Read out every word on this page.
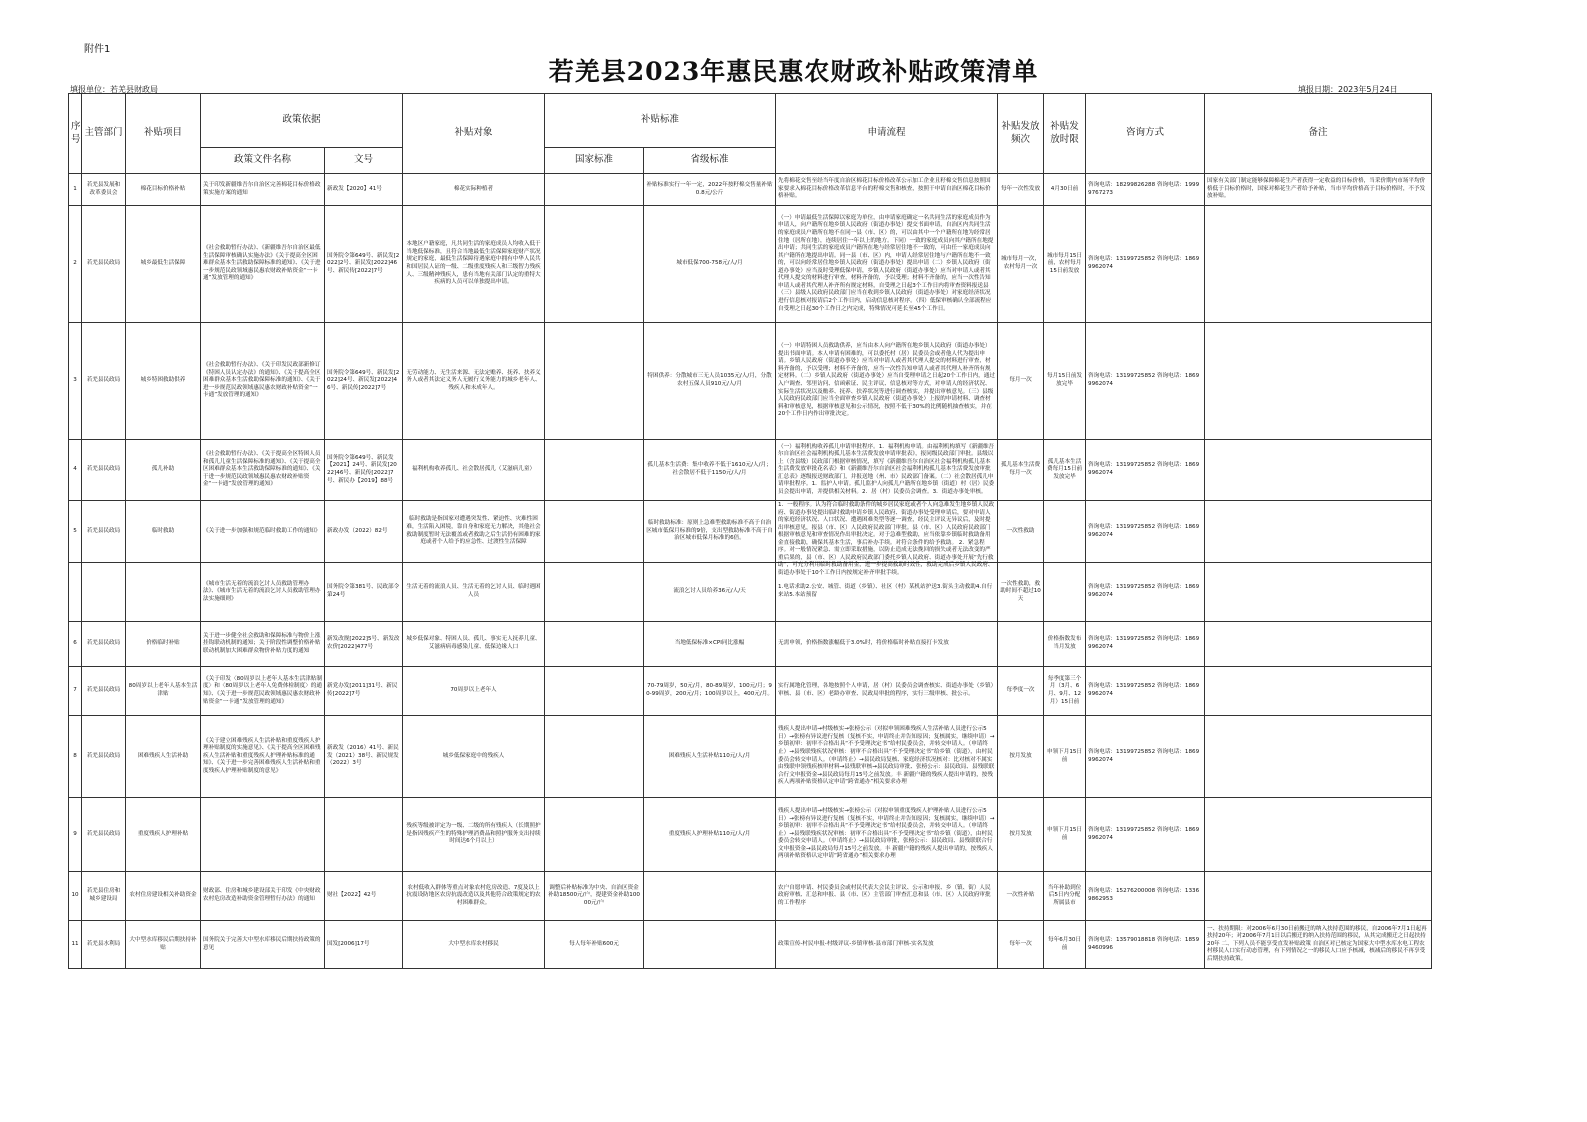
附件1
若羌县2023年惠民惠农财政补贴政策清单
填报单位：若羌县财政局	填报日期：2023年5月24日
序号	主管部门	补贴项目	政策依据		补贴对象	补贴标准		申请流程	补贴发放频次	补贴发放时限	咨询方式	备注
			政策文件名称	文号		国家标准	省级标准					

1	若羌县发展和改革委员会	棉花目标价格补贴	关于印发新疆维吾尔自治区完善棉花目标价格政策实施方案的通知	新政发【2020】41号	棉花实际种植者		补贴标准实行一年一定，2022年按籽棉交售量补贴0.8元/公斤	先将棉花交售至经当年度自治区棉花目标价格改革公示加工企业且籽棉交售信息按照国家要求入棉花目标价格改革信息平台的籽棉交售和核查，按照干申请自治区棉花目标价格补贴。	每年一次性发放	4月30日前	咨询电话：18299826288 咨询电话：19999767273	国家有关部门制定能够保障棉花生产者获得一定收益的目标价格，当采价期内市场平均价格低于目标价格时，国家对棉花生产者给予补贴，当市平均价格高于目标价格时，不予发放补贴。

2	若羌县民政局	城乡最低生活保障	《社会救助暂行办法》、《新疆维吾尔自治区最低生活保障审核确认实施办法》《关于提高全区困难群众基本生活救助保障标准的通知》、《关于进一步规范民政领域惠民惠农财政补贴资金“一卡通”发放管理的通知》	国务院令第649号、新民发[2022]2号、新民发[2022]46号、新民传[2022]7号	本地区户籍家庭，凡共同生活的家庭成员人均收入低于当地低保标准，且符合当地最低生活保障家庭财产状况规定的家庭，最低生活保障待遇家庭中拥有中华人民共和国居民人证的一级、二级重度残疾人和三级智力残疾人、三级精神残疾人，患有当地有关部门认定的重特大疾病的人员可以单独提出申请。		城市低保700-758元/人/月	（一）申请最低生活保障以家庭为单位，由申请家庭确定一名共同生活的家庭成员作为申请人，向户籍所在地乡镇人民政府（街道办事处）提交书面申请，自治区内共同生活的家庭成员户籍所在地不在同一县（市、区）的，可以由其中一个户籍所在地为经常居住地（居所在地），连续居住一年以上的地方。下同）一致的家庭成员向其户籍所在地提出申请；共同生活的家庭成员户籍所在地与经常居住地不一致的，可由任一家庭成员向其户籍所在地提出申请。同一县（市、区）内，申请人经常居住地与户籍所在地不一致的，可以向经常居住地乡镇人民政府（街道办事处）提出申请（二）乡镇人民政府（街道办事处）应当及时受理低保申请，乡镇人民政府（街道办事处）应当对申请人或者其代理人提交的材料进行审查，材料齐备的，予以受理；材料不齐备的，应当一次性告知申请人或者其代理人补齐所有规定材料，自受理之日起3个工作日内将审查资料报送县（三）县级人民政府民政部门应当在收到乡镇人民政府（街道办事处）对家庭经济状况进行信息核对报请后2个工作日内，启动信息核对程序。（四）低保审核确认全部流程应自受理之日起30个工作日之内完成，特殊情况可延长至45个工作日。	城市每月一次，农村每月一次	城市每月15日前，农村每月15日前发放	咨询电话：13199725852 咨询电话：18699962074	

3	若羌县民政局	城乡特困救助供养	《社会救助暂行办法》、《关于印发民政部新修订《特困人员认定办法》的通知》、《关于提高全区困难群众基本生活救助保障标准的通知》、《关于进一步规范民政领域惠民惠农财政补贴资金“一卡通”发放管理的通知》	国务院令第649号、新民发[2022]24号、新民发[2022]46号、新民传[2022]7号	无劳动能力、无生活来源、无法定赡养、抚养、扶养义务人或者其法定义务人无履行义务能力的城乡老年人、残疾人和未成年人。		特困供养：分散城市三无人员1035元/人/月，分散农村五保人员910元/人/月	（一）申请特困人员救助供养，应当由本人向户籍所在地乡镇人民政府（街道办事处）提出书面申请。本人申请有困难的，可以委托村（居）民委员会或者他人代为提出申请。乡镇人民政府（街道办事处）应当对申请人或者其代理人提交的材料进行审查，材料齐备的，予以受理；材料不齐备的，应当一次性告知申请人或者其代理人补齐所有规定材料。（二）乡镇人民政府（街道办事处）应当自受理申请之日起20个工作日内，通过入户调查、邻里访问、信函索证、民主评议、信息核对等方式，对申请人的经济状况、实际生活状况以及赡养、抚养、扶养状况等进行调查核实，并提出审核意见。（三）县级人民政府民政部门应当全面审查乡镇人民政府（街道办事处）上报的申请材料、调查材料和审核意见，根据审核意见和公示情况，按照不低于30%的比例随机抽查核实，并在20个工作日内作出审批决定。	每月一次	每月15日前发放完毕	咨询电话：13199725852 咨询电话：18699962074	

4	若羌县民政局	孤儿补助	《社会救助暂行办法》、《关于提高全区特困人员和孤儿儿童生活保障标准的通知》、《关于提高全区困难群众基本生活救助保障标准的通知》、《关于进一步规范民政领域惠民惠农财政补贴资金“一卡通”发放管理的通知》	国务院令第649号、新民发【2021】24号、新民发[2022]46号、新民传[2022]7号、新民办【2019】88号	福利机构收养孤儿、社会散居孤儿（艾滋病儿童）		孤儿基本生活费：集中收养不低于1610元/人/月；社会散居不低于1150元/人/月	（一）福利机构收养孤儿申请审批程序。1．福利机构申请。由福利机构填写《新疆维吾尔自治区社会福利机构孤儿基本生活费发放申请审批表》，报同级民政部门审批。县级以上（含县级）民政部门根据审核情况，填写《新疆维吾尔自治区社会福利机构孤儿基本生活费发放审批花名表》和《新疆维吾尔自治区社会福利机构孤儿基本生活费发放审批汇总表》逐级报送财政部门，并报送地（州、市）民政部门备案。（二）社会散居孤儿申请审批程序。1．监护人申请。孤儿监护人向孤儿户籍所在地乡镇（街道）村（居）民委员会提出申请，并提供相关材料。2．居（村）民委员会调查。3．街道办事处审核。	孤儿基本生活费每月一次	孤儿基本生活费每月15日前发放完毕	咨询电话：13199725852 咨询电话：18699962074	

5	若羌县民政局	临时救助	《关于进一步加强和规范临时救助工作的通知》	新政办发（2022）82号	临时救助是指国家对遭遇突发性、紧迫性、灾难性困难，生活陷入困境，靠自身和家庭无力解决，其他社会救助制度暂时无法覆盖或者救助之后生活仍有困难的家庭或者个人给予的应急性、过渡性生活保障		临时救助标准：原则上急难型救助标准不高于自治区城市低保月标准的9倍，支出型救助标准不高于自治区城市低保月标准的6倍。	1．一般程序。认为符合临时救助条件的城乡居民家庭或者个人向急难发生地乡镇人民政府、街道办事处提出临时救助申请乡镇人民政府、街道办事处受理申请后，要对申请人的家庭经济状况、人口状况、遭遇困难类型等逐一调查，经民主评议无异议后，及时提出审核意见，报县（市、区）人民政府民政部门审批。县（市、区）人民政府民政部门根据审核意见和审查情况作出审批决定。对于急难型救助，应当依靠乡镇临时救助备用金直接救助，确保其基本生活，事后补办手续。对符合条件的给予救助。 2．紧急程序。对一般情况紧急、需立即采取措施，以防止造成无法挽回的损失或者无法改变的严重后果的，县（市、区）人民政府民政部门委托乡镇人民政府、街道办事处开展“先行救助”，可充分利用临时救助备用金，进一步提高救助时效性，救助完成后乡镇人民政府、街道办事处于10个工作日内按规定补齐审批手续。	一次性救助		咨询电话：13199725852 咨询电话：18699962074	

			《城市生活无着的流浪乞讨人员救助管理办法》、《城市生活无着的流浪乞讨人员救助管理办法实施细则》	国务院令第381号、民政部令第24号	生活无着的流浪人员、生活无着的乞讨人员、临时遇困人员		流浪乞讨人员给养36元/人/天	1.电话求助2.公安、城管、街道（乡镇）、社区（村）某机站护送3.街头主动救助4.自行来站5.本站预留	一次性救助，救助时间不超过10天		咨询电话：13199725852 咨询电话：18699962074	

6	若羌县民政局	价格临时补贴	关于进一步健全社会救助和保障标准与物价上涨挂钩联动机制的通知；关于阶段性调整价格补贴联动机制加大困难群众物价补贴力度的通知	新发改规[2022]5号、新发改农价[2022]477号	城乡低保对象、特困人员、孤儿、事实无人抚养儿童、艾滋病病毒感染儿童、低保边缘人口		当地低保标准×CPI同比涨幅	无需申领，价格指数涨幅低于3.0%时，将价格临时补贴直接打卡发放		价格指数发布当月发放	咨询电话：13199725852 咨询电话：18699962074	

7	若羌县民政局	80周岁以上老年人基本生活津贴	《关于印发〈80周岁以上老年人基本生活津贴制度〉和〈80周岁以上老年人免费体检制度〉的通知》、《关于进一步规范民政领域惠民惠农财政补贴资金“一卡通”发放管理的通知》	新党办发[2011]31号、新民传[2022]7号	70周岁以上老年人		70-79周岁，50元/月，80-89周岁，100元/月；90-99周岁，200元/月；100周岁以上，400元/月。	实行属地化管理，各地按照个人申请，居（村）民委员会调查核实、街道办事处（乡镇）审核、县（市、区）老龄办审查、民政局审批的程序，实行三级审核、批公示。	每季度一次	每季度第三个月（3月、6月、9月、12月）15日前	咨询电话：13199725852 咨询电话：18699962074	

8	若羌县民政局	困难残疾人生活补助	《关于建立困难残疾人生活补贴和重度残疾人护理补贴制度的实施意见》、《关于提高全区困难残疾人生活补贴和重度残疾人护理补贴标准的通知》、《关于进一步完善困难残疾人生活补贴和重度残疾人护理补贴制度的意见》	新政发（2016）41号、新民发（2021）38号、新民规发（2022）3号	城乡低保家庭中的残疾人		困难残疾人生活补贴110元/人/月	残疾人提出申请→村级核实→张榜公示（对拟申领困难残疾人生活补贴人员进行公示5日）→张榜有异议进行复核（复核不实，申请终止并告知原因；复核属实，继续申请）→乡镇初审：初审不合格出具“不予受理决定书”给村民委员会，并转交申请人。（申请终止）→县残联残疾状况审核：初审不合格出具“不予受理决定书”给乡镇（街道），由村民委员会转交申请人。（申请终止）→县民政局复核、家庭经济状况核对：比对核对不属实由残联申领残疾核审材料→县残联审核→县民政局审批、张榜公示：县民政局、县残联联合行文申报资金→县民政局每月15号之前发放。丰 新疆户籍的残疾人提出申请的，按残疾人两项补贴资格认定申请“跨省通办”相关要求办理	按月发放	申领下月15日前	咨询电话：13199725852 咨询电话：18699962074	

9	若羌县民政局	重度残疾人护理补贴			残疾等级被评定为一级、二级的所有残疾人（长期照护是指因残疾产生的特殊护理消费品和照护服务支出持续时间达6个月以上）		重度残疾人护理补贴110元/人/月	残疾人提出申请→村级核实→张榜公示（对拟申领重度残疾人护理补贴人员进行公示5日）→张榜有异议进行复核（复核不实，申请终止并告知原因；复核属实，继续申请）→乡镇初审：初审不合格出具“不予受理决定书”给村民委员会，并转交申请人。（申请终止）→县残联残疾状况审核：初审不合格出具“不予受理决定书”给乡镇（街道），由村民委员会转交申请人。（申请终止）→县民政局审批，张榜公示：县民政局、县残联联合行文申报资金→县民政局每月15号之前发放。丰 新疆户籍的残疾人提出申请的，按残疾人两项补贴资格认定申请“跨省通办”相关要求办理	按月发放	申领下月15日前	咨询电话：13199725852 咨询电话：18699962074	

10	若羌县住房和城乡建设局	农村住房建设相关补助资金	财政部、住房和城乡建设部关于印发《中央财政农村危房改造补助资金管理暂行办法》的通知	财社【2022】42号	农村低收入群体等重点对象农村危房改造、7度及以上抗震设防地区农房抗震改造以及其他符合政策规定的农村困难群众。	调整后补贴标准为中央、自治区资金补助18500元/户，提建资金补助10000元/户		农户自愿申请、村民委员会或村民代表大会民主评议、公示和申报、乡（镇、街）人民政府审核、汇总和申报、县（市、区）主管部门审查汇总和县（市、区）人民政府审批的工作程序	一次性补贴	当年补助到位后5日内分配所属县市	咨询电话：15276200008 咨询电话：13369862953	

11	若羌县水利局	大中型水库移民后期扶持补贴	国务院关于完善大中型水库移民后期扶持政策的意见	国发[2006]17号	大中型水库农村移民	每人每年补贴600元		政策宣传-村民申报-村级评议-乡镇审核-县市部门审核-实名发放	每年一次	每年6月30日前	咨询电话：13579018818 咨询电话：18599460996	一、扶持期限：对2006年6月30日前搬迁的纳入扶持范围的移民，自2006年7月1日起再扶持20年；对2006年7月1日以后搬迁的纳入扶持范围的移民，从其完成搬迁之日起扶持20年 二、下列人员不能享受直发补贴政策 自治区对已核定为国家大中型水库水电工程农村移民人口实行动态管理，有下列情况之一的移民人口应予核减，核减后的移民不再享受后期扶持政策。
